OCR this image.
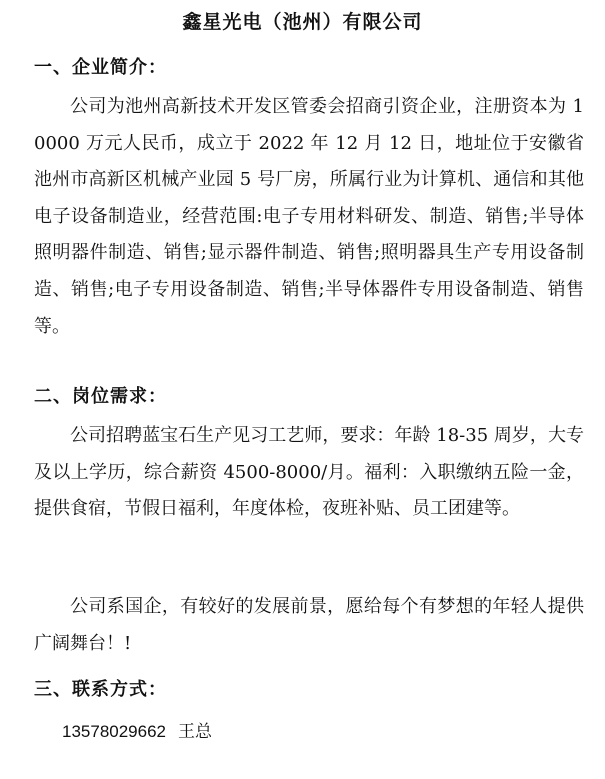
鑫星光电（池州）有限公司
一、企业简介：
公司为池州高新技术开发区管委会招商引资企业，注册资本为 10000 万元人民币，成立于 2022 年 12 月 12 日，地址位于安徽省池州市高新区机械产业园 5 号厂房，所属行业为计算机、通信和其他电子设备制造业，经营范围:电子专用材料研发、制造、销售;半导体照明器件制造、销售;显示器件制造、销售;照明器具生产专用设备制造、销售;电子专用设备制造、销售;半导体器件专用设备制造、销售等。
二、岗位需求：
公司招聘蓝宝石生产见习工艺师，要求：年龄 18-35 周岁，大专及以上学历，综合薪资 4500-8000/月。福利：入职缴纳五险一金，提供食宿，节假日福利，年度体检，夜班补贴、员工团建等。
公司系国企，有较好的发展前景，愿给每个有梦想的年轻人提供广阔舞台！!
三、联系方式：
13578029662 王总
